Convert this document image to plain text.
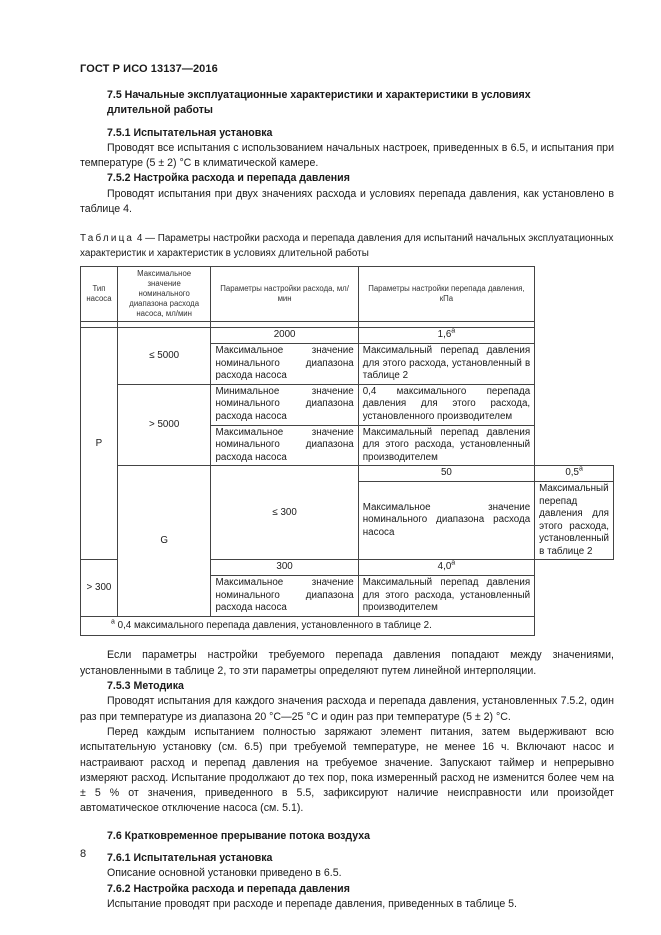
ГОСТ Р ИСО 13137—2016

7.5 Начальные эксплуатационные характеристики и характеристики в условиях длительной работы

7.5.1 Испытательная установка

Проводят все испытания с использованием начальных настроек, приведенных в 6.5, и испытания при температуре (5 ± 2) °С в климатической камере.

7.5.2 Настройка расхода и перепада давления

Проводят испытания при двух значениях расхода и условиях перепада давления, как установлено в таблице 4.

Таблица 4 — Параметры настройки расхода и перепада давления для испытаний начальных эксплуатационных характеристик и характеристик в условиях длительной работы

Тип насоса	Максимальное значение номинального диапазона расхода насоса, мл/мин	Параметры настройки расхода, мл/мин	Параметры настройки перепада давления, кПа	

P	≤ 5000	2000	$1,6^а$
		Максимальное значение номинального диапазона расхода насоса	Максимальный перепад давления для этого расхода, установленный в таблице 2	
	> 5000	Минимальное значение номинального диапазона расхода насоса	0,4 максимального перепада давления для этого расхода, установленного производителем	
		Максимальное значение номинального диапазона расхода насоса	Максимальный перепад давления для этого расхода, установленный производителем	
	G	≤ 300	50	$0,5^а$
			Максимальное значение номинального диапазона расхода насоса	Максимальный перепад давления для этого расхода, установленный в таблице 2
> 300		300	$4,0^а$
		Максимальное значение номинального диапазона расхода насоса	Максимальный перепад давления для этого расхода, установленный производителем	
$^а$ 0,4 максимального перепада давления, установленного в таблице 2.				

Если параметры настройки требуемого перепада давления попадают между значениями, установленными в таблице 2, то эти параметры определяют путем линейной интерполяции.

7.5.3 Методика

Проводят испытания для каждого значения расхода и перепада давления, установленных 7.5.2, один раз при температуре из диапазона 20 °С—25 °С и один раз при температуре (5 ± 2) °С.

Перед каждым испытанием полностью заряжают элемент питания, затем выдерживают всю испытательную установку (см. 6.5) при требуемой температуре, не менее 16 ч. Включают насос и настраивают расход и перепад давления на требуемое значение. Запускают таймер и непрерывно измеряют расход. Испытание продолжают до тех пор, пока измеренный расход не изменится более чем на ± 5 % от значения, приведенного в 5.5, зафиксируют наличие неисправности или произойдет автоматическое отключение насоса (см. 5.1).

7.6 Кратковременное прерывание потока воздуха

7.6.1 Испытательная установка

Описание основной установки приведено в 6.5.

7.6.2 Настройка расхода и перепада давления

Испытание проводят при расходе и перепаде давления, приведенных в таблице 5.

8
